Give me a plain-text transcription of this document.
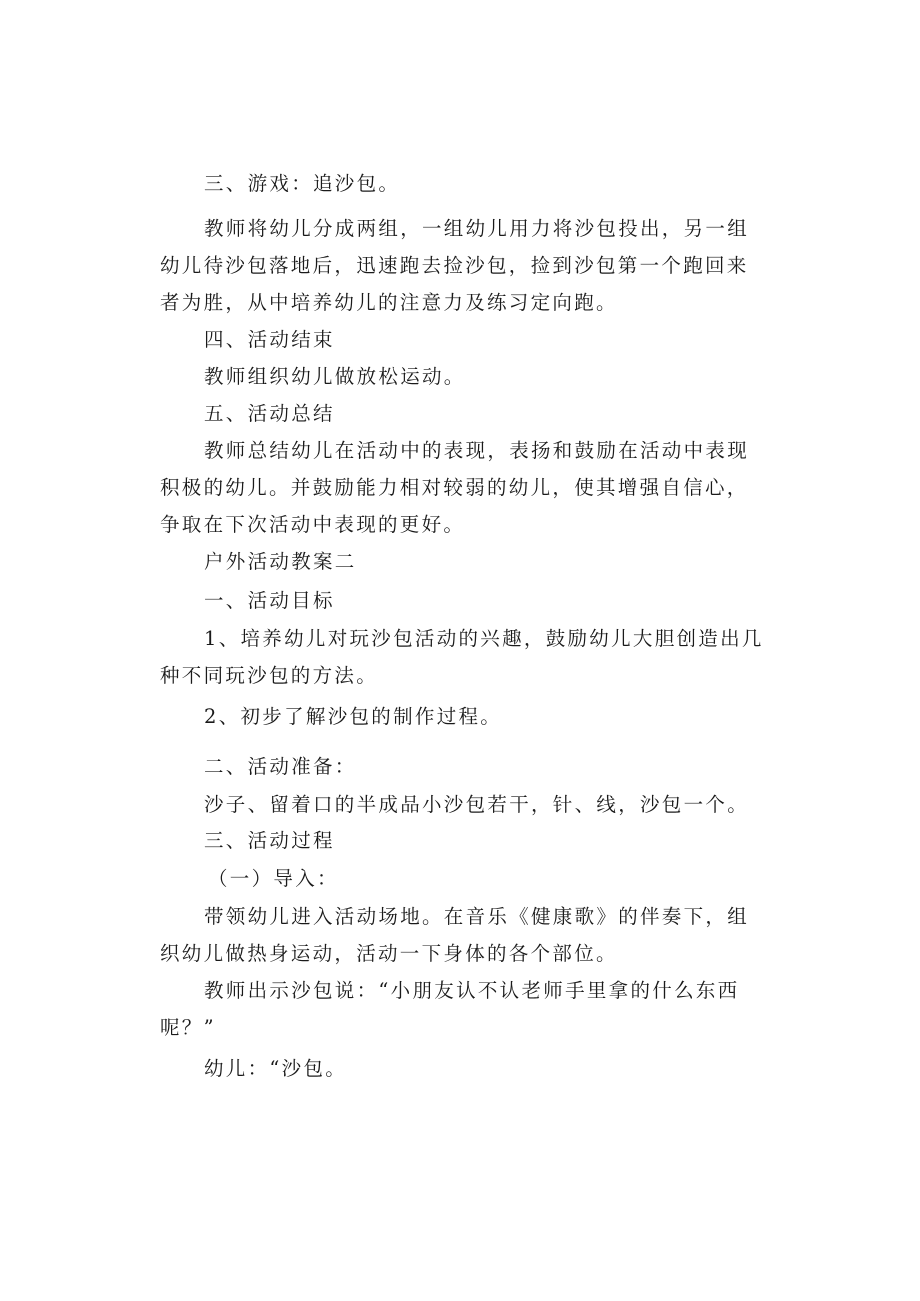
三、游戏：追沙包。

教师将幼儿分成两组，一组幼儿用力将沙包投出，另一组幼儿待沙包落地后，迅速跑去捡沙包，捡到沙包第一个跑回来者为胜，从中培养幼儿的注意力及练习定向跑。

四、活动结束

教师组织幼儿做放松运动。

五、活动总结

教师总结幼儿在活动中的表现，表扬和鼓励在活动中表现积极的幼儿。并鼓励能力相对较弱的幼儿，使其增强自信心，争取在下次活动中表现的更好。

户外活动教案二

一、活动目标

1、培养幼儿对玩沙包活动的兴趣，鼓励幼儿大胆创造出几种不同玩沙包的方法。

2、初步了解沙包的制作过程。

二、活动准备：

沙子、留着口的半成品小沙包若干，针、线，沙包一个。

三、活动过程

（一）导入：

带领幼儿进入活动场地。在音乐《健康歌》的伴奏下，组织幼儿做热身运动，活动一下身体的各个部位。

教师出示沙包说：“小朋友认不认老师手里拿的什么东西呢？”

幼儿：“沙包。
